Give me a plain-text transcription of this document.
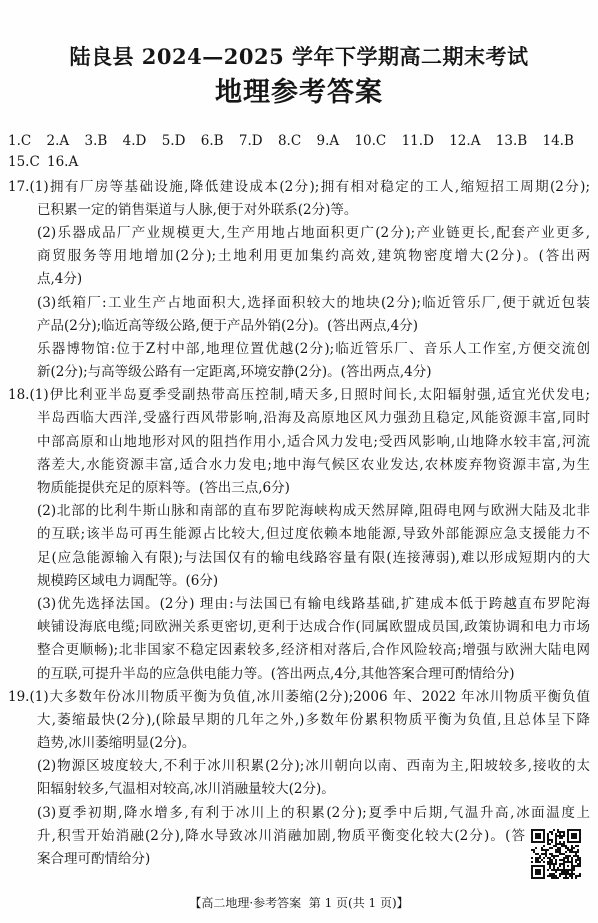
陆良县 2024—2025 学年下学期高二期末考试
地理参考答案
1.C 2.A 3.B 4.D 5.D 6.B 7.D 8.C 9.A 10.C 11.D 12.A 13.B 14.B
15.C 16.A
17.(1)拥有厂房等基础设施,降低建设成本(2分);拥有相对稳定的工人,缩短招工周期(2分);
已积累一定的销售渠道与人脉,便于对外联系(2分)等。
(2)乐器成品厂产业规模更大,生产用地占地面积更广(2分);产业链更长,配套产业更多,
商贸服务等用地增加(2分);土地利用更加集约高效,建筑物密度增大(2分)。(答出两
点,4分)
(3)纸箱厂:工业生产占地面积大,选择面积较大的地块(2分);临近管乐厂,便于就近包装
产品(2分);临近高等级公路,便于产品外销(2分)。(答出两点,4分)
乐器博物馆:位于Z村中部,地理位置优越(2分);临近管乐厂、音乐人工作室,方便交流创
新(2分);与高等级公路有一定距离,环境安静(2分)。(答出两点,4分)
18.(1)伊比利亚半岛夏季受副热带高压控制,晴天多,日照时间长,太阳辐射强,适宜光伏发电;
半岛西临大西洋,受盛行西风带影响,沿海及高原地区风力强劲且稳定,风能资源丰富,同时
中部高原和山地地形对风的阻挡作用小,适合风力发电;受西风影响,山地降水较丰富,河流
落差大,水能资源丰富,适合水力发电;地中海气候区农业发达,农林废弃物资源丰富,为生
物质能提供充足的原料等。(答出三点,6分)
(2)北部的比利牛斯山脉和南部的直布罗陀海峡构成天然屏障,阻碍电网与欧洲大陆及北非
的互联;该半岛可再生能源占比较大,但过度依赖本地能源,导致外部能源应急支援能力不
足(应急能源输入有限);与法国仅有的输电线路容量有限(连接薄弱),难以形成短期内的大
规模跨区域电力调配等。(6分)
(3)优先选择法国。(2分) 理由:与法国已有输电线路基础,扩建成本低于跨越直布罗陀海
峡铺设海底电缆;同欧洲关系更密切,更利于达成合作(同属欧盟成员国,政策协调和电力市场
整合更顺畅);北非国家不稳定因素较多,经济相对落后,合作风险较高;增强与欧洲大陆电网
的互联,可提升半岛的应急供电能力等。(答出两点,4分,其他答案合理可酌情给分)
19.(1)大多数年份冰川物质平衡为负值,冰川萎缩(2分);2006 年、2022 年冰川物质平衡负值
大,萎缩最快(2分),(除最早期的几年之外,)多数年份累积物质平衡为负值,且总体呈下降
趋势,冰川萎缩明显(2分)。
(2)物源区坡度较大,不利于冰川积累(2分);冰川朝向以南、西南为主,阳坡较多,接收的太
阳辐射较多,气温相对较高,冰川消融量较大(2分)。
(3)夏季初期,降水增多,有利于冰川上的积累(2分);夏季中后期,气温升高,冰面温度上
升,积雪开始消融(2分),降水导致冰川消融加剧,物质平衡变化较大(2分)。(答
案合理可酌情给分)
【高二地理·参考答案  第 1 页(共 1 页)】
